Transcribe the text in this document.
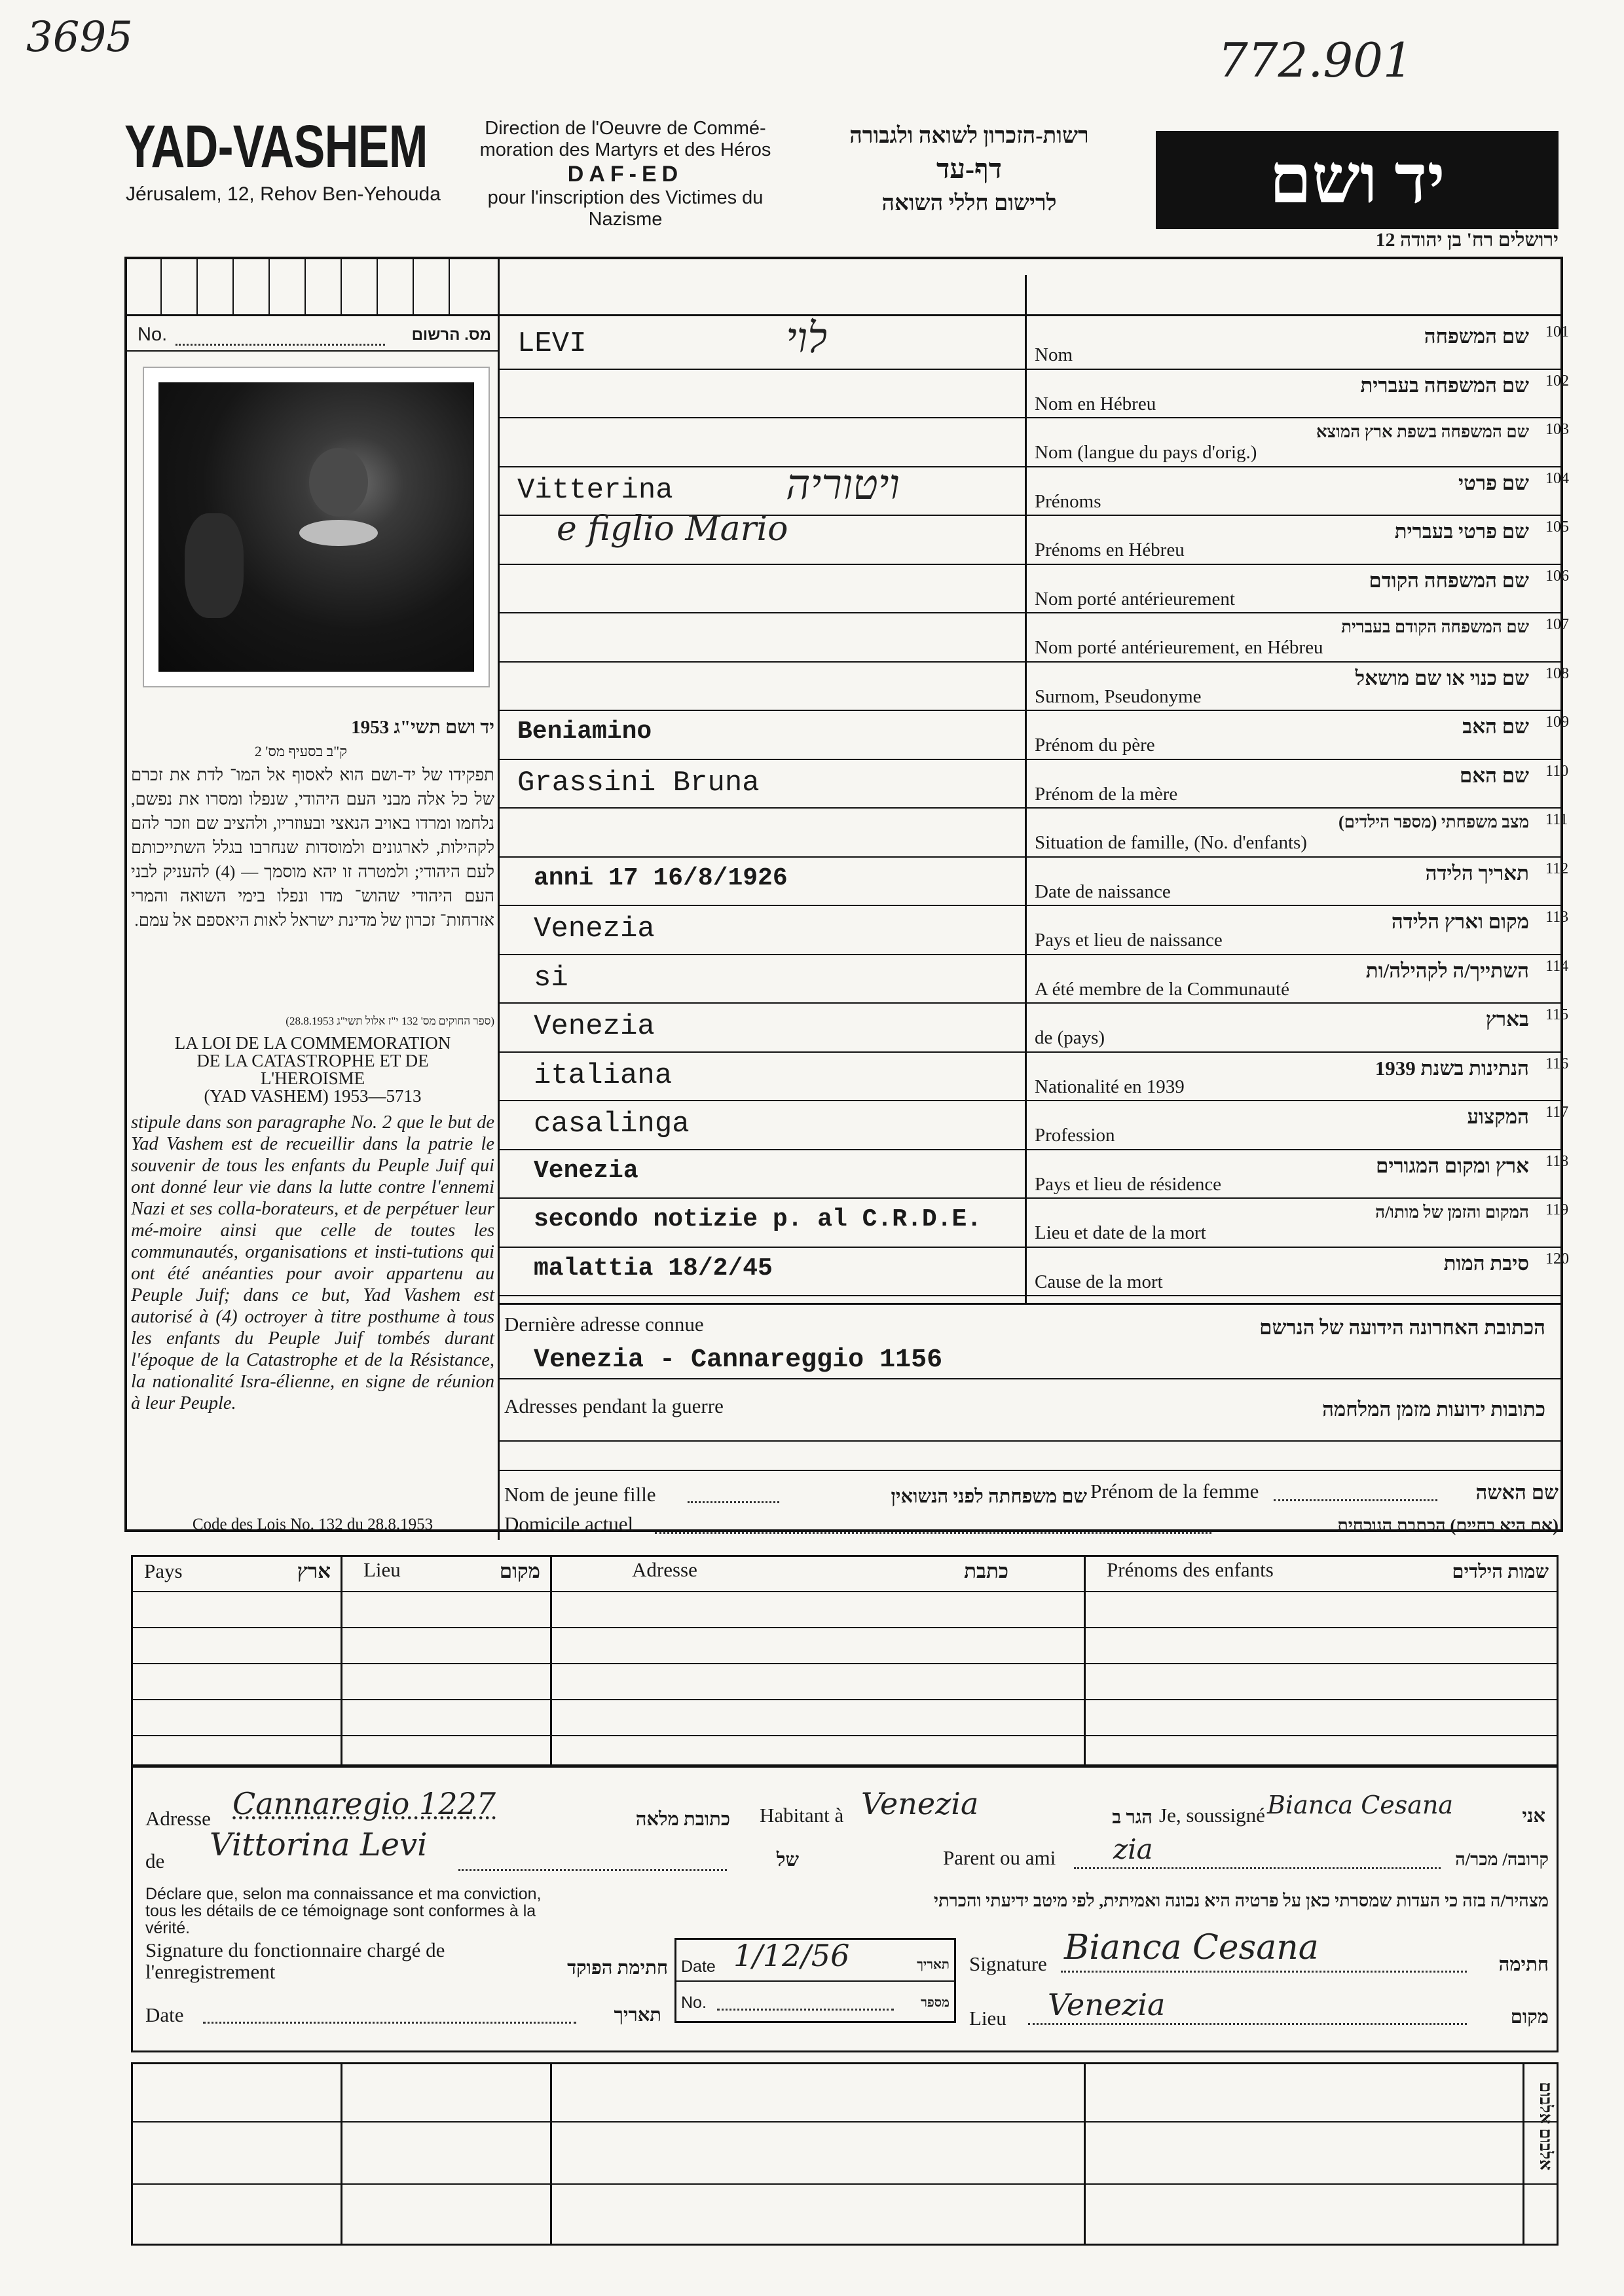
3695	772.901
YAD-VASHEM
Jérusalem, 12, Rehov Ben-Yehouda
Direction de l'Oeuvre de Commé-
moration des Martyrs et des Héros
DAF-ED
pour l'inscription des Victimes du
Nazisme
רשות-הזכרון לשואה ולגבורה
דף-עד
לרישום חללי השואה	יד ושם
ירושלים רח' בן יהודה 12
No.	מס. הרשום
יד ושם תשי"ג 1953
ק"ב בסעיף מס' 2
תפקידו של יד-ושם הוא לאסוף אל המו־ לדת את זכרם של כל אלה מבני העם היהודי, שנפלו ומסרו את נפשם, נלחמו ומרדו באויב הנאצי ובעוזריו, ולהציב שם וזכר להם לקהילות, לארגונים ולמוסדות שנחרבו בגלל השתייכותם לעם היהודי; ולמטרה זו יהא מוסמך — (4) להעניק לבני העם היהודי שהוש־ מדו ונפלו בימי השואה והמרי אזרחות־ זכרון של מדינת ישראל לאות היאספם אל עמם.
(ספר החוקים מס' 132 י"ז אלול תשי"ג 28.8.1953)
LA LOI DE LA COMMEMORATION
DE LA CATASTROPHE ET DE
L'HEROISME
(YAD VASHEM) 1953—5713
stipule dans son paragraphe No. 2 que le but de Yad Vashem est de recueillir dans la patrie le souvenir de tous les enfants du Peuple Juif qui ont donné leur vie dans la lutte contre l'ennemi Nazi et ses colla-borateurs, et de perpétuer leur mé-moire ainsi que celle de toutes les communautés, organisations et insti-tutions qui ont été anéanties pour avoir appartenu au Peuple Juif; dans ce but, Yad Vashem est autorisé à (4) octroyer à titre posthume à tous les enfants du Peuple Juif tombés durant l'époque de la Catastrophe et de la Résistance, la nationalité Isra-élienne, en signe de réunion à leur Peuple.
Code des Lois No. 132 du 28.8.1953
101
שם המשפחה
Nom
LEVI	לוי
102
שם המשפחה בעברית
Nom en Hébreu
103
שם המשפחה בשפת ארץ המוצא
Nom (langue du pays d'orig.)
104
שם פרטי
Prénoms
Vitterina	ויטוריה
105
שם פרטי בעברית
Prénoms en Hébreu
e figlio Mario
106
שם המשפחה הקודם
Nom porté antérieurement
107
שם המשפחה הקודם בעברית
Nom porté antérieurement, en Hébreu
108
שם כנוי או שם מושאל
Surnom, Pseudonyme
109
שם האב
Prénom du père
Beniamino
110
שם האם
Prénom de la mère
Grassini Bruna
111
מצב משפחתי (מספר הילדים)
Situation de famille, (No. d'enfants)
112
תאריך הלידה
Date de naissance
anni 17 16/8/1926
113
מקום וארץ הלידה
Pays et lieu de naissance
Venezia
114
השתייך/ה לקהילה/ות
A été membre de la Communauté
si
115
בארץ
de (pays)
Venezia
116
הנתינות בשנת 1939
Nationalité en 1939
italiana
117
המקצוע
Profession
casalinga
118
ארץ ומקום המגורים
Pays et lieu de résidence
Venezia
119
המקום והזמן של מותו/ה
Lieu et date de la mort
secondo notizie p. al C.R.D.E.
120
סיבת המות
Cause de la mort
malattia 18/2/45
Dernière adresse connue	הכתובת האחרונה הידועה של הנרשם
Venezia - Cannareggio 1156
Adresses pendant la guerre	כתובות ידועות מזמן המלחמה
Nom de jeune fille	שם משפחתה לפני הנשואין Prénom de la femme	שם האשה
Domicile actuel	(אם היא בחיים) הכתבת הנוכחית
Pays	ארץ Lieu	מקום	Adresse	כתבת	Prénoms des enfants	שמות הילדים
Adresse Cannaregio 1227	כתובת מלאה Habitant à Venezia	הגר ב Je, soussigné Bianca Cesana	אני
de Vittorina Levi	של	Parent ou ami zia	קרובה/ מכר/ה
Déclare que, selon ma connaissance et ma conviction, tous les détails de ce témoignage sont conformes à la vérité.
מצהיר/ה בזה כי העדות שמסרתי כאן על פרטיה היא נכונה ואמיתית, לפי מיטב ידיעתי והכרתי
Signature du fonctionnaire chargé de l'enregistrement	חתימת הפוקד
Date	תאריך
Date 1/12/56	תאריך
No.	מספר
Signature Bianca Cesana	חתימה
Lieu Venezia	מקום
אלבום אלבום
